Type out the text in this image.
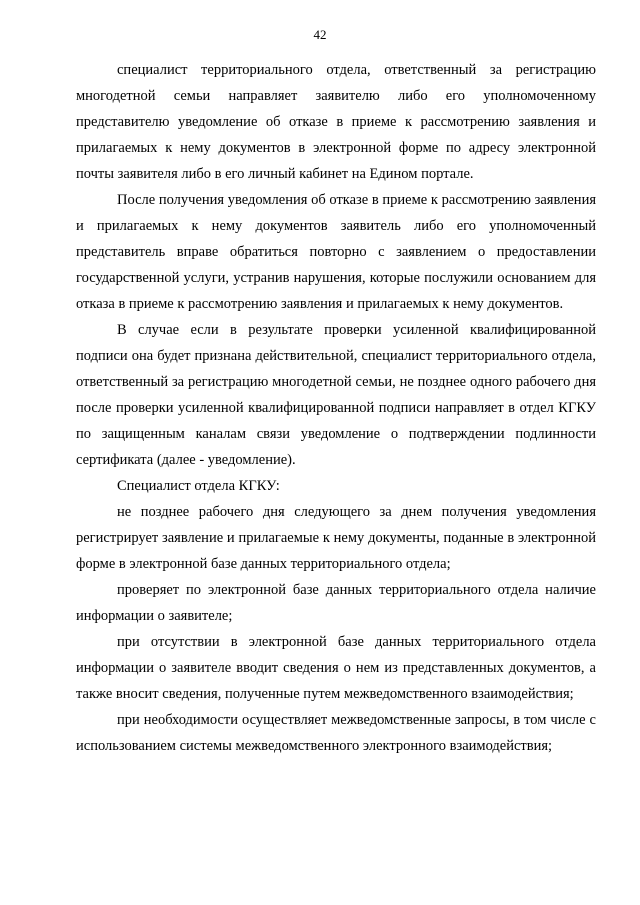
42

специалист территориального отдела, ответственный за регистрацию многодетной семьи направляет заявителю либо его уполномоченному представителю уведомление об отказе в приеме к рассмотрению заявления и прилагаемых к нему документов в электронной форме по адресу электронной почты заявителя либо в его личный кабинет на Едином портале.

После получения уведомления об отказе в приеме к рассмотрению заявления и прилагаемых к нему документов заявитель либо его уполномоченный представитель вправе обратиться повторно с заявлением о предоставлении государственной услуги, устранив нарушения, которые послужили основанием для отказа в приеме к рассмотрению заявления и прилагаемых к нему документов.

В случае если в результате проверки усиленной квалифицированной подписи она будет признана действительной, специалист территориального отдела, ответственный за регистрацию многодетной семьи, не позднее одного рабочего дня после проверки усиленной квалифицированной подписи направляет в отдел КГКУ по защищенным каналам связи уведомление о подтверждении подлинности сертификата (далее - уведомление).

Специалист отдела КГКУ:

не позднее рабочего дня следующего за днем получения уведомления регистрирует заявление и прилагаемые к нему документы, поданные в электронной форме в электронной базе данных территориального отдела;

проверяет по электронной базе данных территориального отдела наличие информации о заявителе;

при отсутствии в электронной базе данных территориального отдела информации о заявителе вводит сведения о нем из представленных документов, а также вносит сведения, полученные путем межведомственного взаимодействия;

при необходимости осуществляет межведомственные запросы, в том числе с использованием системы межведомственного электронного взаимодействия;
